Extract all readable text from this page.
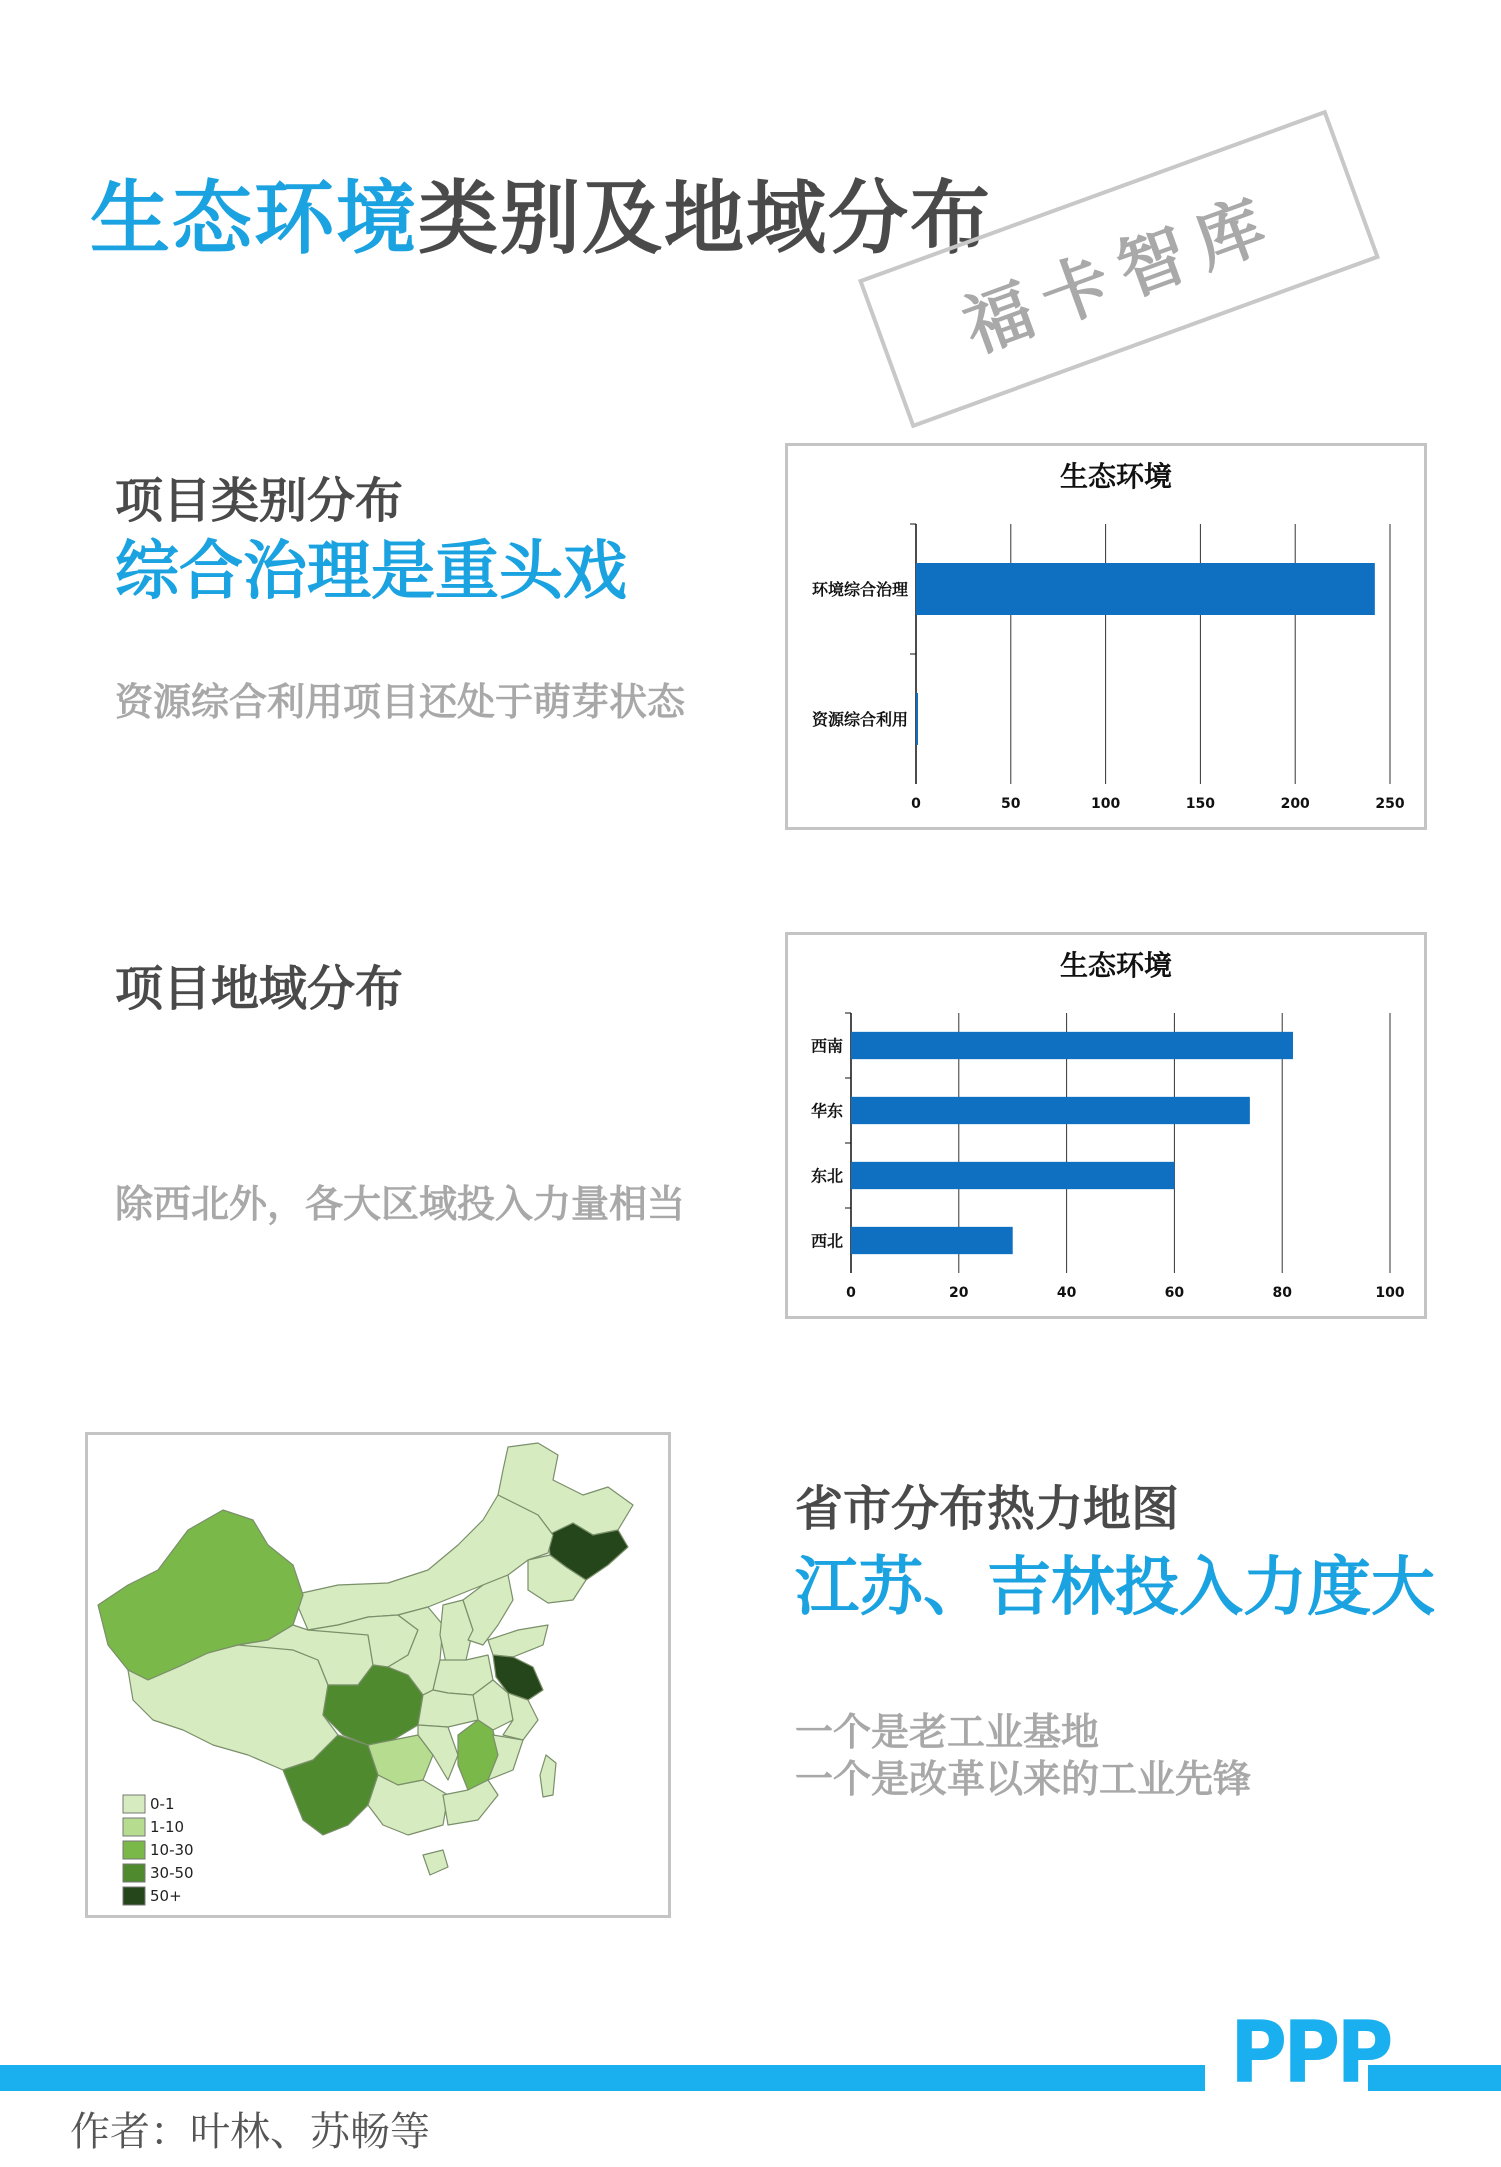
生态环境类别及地域分布
福卡智库
项目类别分布
综合治理是重头戏
资源综合利用项目还处于萌芽状态
生态环境
0	50	100	150	200	250
环境综合治理
资源综合利用
项目地域分布
除西北外，各大区域投入力量相当
生态环境
0	20	40	60	80	100
西南
华东
东北
西北
0-1
1-10
10-30
30-50
50+
省市分布热力地图
江苏、吉林投入力度大
一个是老工业基地
一个是改革以来的工业先锋
PPP
作者：叶林、苏畅等
